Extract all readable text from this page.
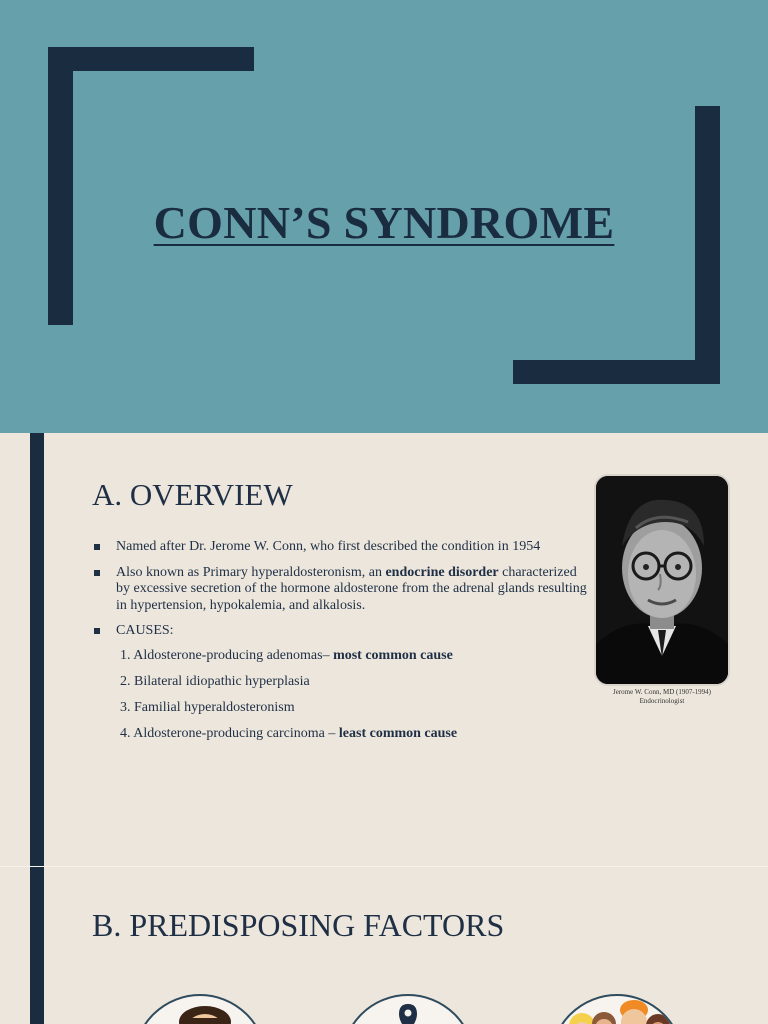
CONN’S SYNDROME
A. OVERVIEW
Named after Dr. Jerome W. Conn, who first described the condition in 1954
Also known as Primary hyperaldosteronism, an endocrine disorder characterized by excessive secretion of the hormone aldosterone from the adrenal glands resulting in hypertension, hypokalemia, and alkalosis.
CAUSES:
1. Aldosterone-producing adenomas– most common cause
2. Bilateral idiopathic hyperplasia
3. Familial hyperaldosteronism
4. Aldosterone-producing carcinoma – least common cause
Jerome W. Conn, MD (1907-1994)
Endocrinologist
B. PREDISPOSING FACTORS
